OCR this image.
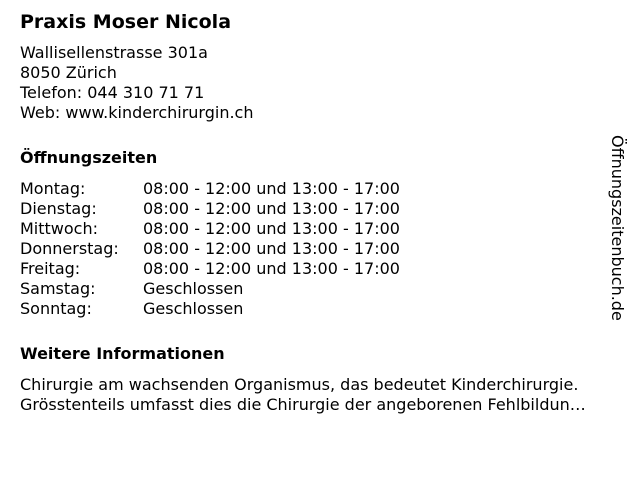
Praxis Moser Nicola
Wallisellenstrasse 301a
8050 Zürich
Telefon: 044 310 71 71
Web: www.kinderchirurgin.ch
Öffnungszeiten
Montag:	08:00 - 12:00 und 13:00 - 17:00
Dienstag:	08:00 - 12:00 und 13:00 - 17:00
Mittwoch:	08:00 - 12:00 und 13:00 - 17:00
Donnerstag:	08:00 - 12:00 und 13:00 - 17:00
Freitag:	08:00 - 12:00 und 13:00 - 17:00
Samstag:	Geschlossen
Sonntag:	Geschlossen
Weitere Informationen
Chirurgie am wachsenden Organismus, das bedeutet Kinderchirurgie.
Grösstenteils umfasst dies die Chirurgie der angeborenen Fehlbildun…
Öffnungszeitenbuch.de
